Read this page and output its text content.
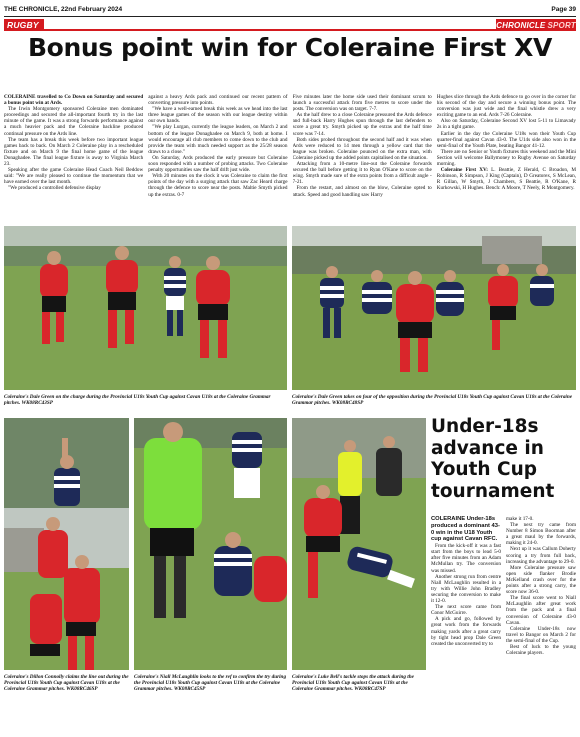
THE CHRONICLE, 22nd February 2024	Page 39
RUGBY	CHRONICLE SPORT
Bonus point win for Coleraine First XV

COLERAINE travelled to Co Down on Saturday and secured a bonus point win at Ards.

The Irwin Montgomery sponsored Coleraine men dominated proceedings and secured the all-important fourth try in the last minute of the game. It was a strong forwards performance against a much heavier pack and the Coleraine backline produced continual pressure on the Ards line.

The team has a break this week before two important league games back to back. On March 2 Coleraine play in a rescheduled fixture and on March 9 the final home game of the league Donaghadee. The final league fixture is away to Virginia March 23.

Speaking after the game Coleraine Head Coach Neil Beddow said: "We are really pleased to continue the momentum that we have earned over the last month.

"We produced a controlled defensive display

against a heavy Ards pack and continued our recent pattern of converting pressure into points.

"We have a well-earned break this week as we head into the last three league games of the season with our league destiny within our own hands.

"We play Lurgan, currently the league leaders, on March 2 and bottom of the league Donaghadee on March 9, both at home. I would encourage all club members to come down to the club and provide the team with much needed support as the 25/28 season draws to a close."

On Saturday, Ards produced the early pressure but Coleraine soon responded with a number of probing attacks. Two Coleraine penalty opportunities saw the half drift just wide.

With 20 minutes on the clock it was Coleraine to claim the first points of the day with a surging attack that saw Zac Heard charge through the defence to score near the posts. Maltie Smyth picked up the extras. 0-7

Five minutes later the home side used their dominant scrum to launch a successful attack from five metres to score under the posts. The conversion was on target. 7-7.

As the half drew to a close Coleraine pressured the Ards defence and full-back Harry Hughes spun through the last defenders to score a great try. Smyth picked up the extras and the half time score was 7-14.

Both sides probed throughout the second half and it was when Ards were reduced to 14 men through a yellow card that the league was broken. Coleraine pounced on the extra man, with Coleraine picked up the added points capitalised on the situation.

Attacking from a 10-metre line-out the Coleraine forwards secured the ball before getting it to Ryan O'Kane to score on the wing. Smyth made sure of the extra points from a difficult angle - 7-21.

From the restart, and almost on the blow, Coleraine opted to attack. Speed and good handling saw Harry

Hughes slice through the Ards defence to go over in the corner for his second of the day and secure a winning bonus point. The conversion was just wide and the final whistle drew a very exciting game to an end. Ards 7-26 Coleraine.

Also on Saturday, Coleraine Second XV lost 5-11 to Limavady 2s in a tight game.

Earlier in the day the Coleraine U18s won their Youth Cup quarter-final against Cavan 43-0. The U14s side also won in the semi-final of the Youth Plate, beating Bangor 41-12.

There are no Senior or Youth fixtures this weekend and the Mini Section will welcome Ballymoney to Rugby Avenue on Saturday morning.

Coleraine First XV: L. Beattie, Z Herald, C Broadon, M Robinson, R Simpson, J King (Captain), D Greatorex, S McLean, R Gillan, W Smyth, J Chambers, S Beattie, R O'Kane, R Kurkowski, H Hughes. Bench: A Moore, T Neely, R Montgomery.

Coleraine's Dale Green on the charge during the Provincial U18s Youth Cup against Cavan U18s at the Coleraine Grammar pitches. WK08RC43SP
Coleraine's Dale Green takes on four of the opposition during the Provincial U18s Youth Cup against Cavan U18s at the Coleraine Grammar pitches. WK08RC48SP
Coleraine's Dillon Connolly claims the line out during the Provincial U18s Youth Cup against Cavan U18s at the Coleraine Grammar pitches. WK08RC46SP
Coleraine's Niall McLaughlin looks to the ref to confirm the try during the Provincial U18s Youth Cup against Cavan U18s at the Coleraine Grammar pitches. WK08RC45SP
Coleraine's Luke Bell's tackle stops the attack during the Provincial U18s Youth Cup against Cavan U18s at the Coleraine Grammar pitches. WK08RC47SP
Under-18s advance in Youth Cup tournament

COLERAINE Under-18s produced a dominant 43-0 win in the U18 Youth cup against Cavan RFC.

From the kick-off it was a fast start from the boys to lead 5-0 after five minutes from an Adam McMullan try. The conversion was missed.

Another strong run from centre Niall McLaughlin resulted in a try with Willie John Bradley securing the conversion to make it 12-0.

The next score came from Conor McGuirre.

A pick and go, followed by great work from the forwards making yards after a great carry by tight head prop Dale Green created the unconverted try to

make it 17-0.

The next try came from Number 8 Simon Boorman after a great maul by the forwards, making it 24-0.

Next up it was Callum Doherty scoring a try from full back, increasing the advantage to 29-0.

More Coleraine pressure saw open side flanker Brodie McKelland crash over for the points after a strong carry, the score now 36-0.

The final score went to Niall McLaughlin after great work from the pack and a final conversion of Coleraine 43-0 Cavan.

Coleraine Under-18s now travel to Bangor on March 2 for the semi-final of the Cup.

Best of luck to the young Coleraine players.
